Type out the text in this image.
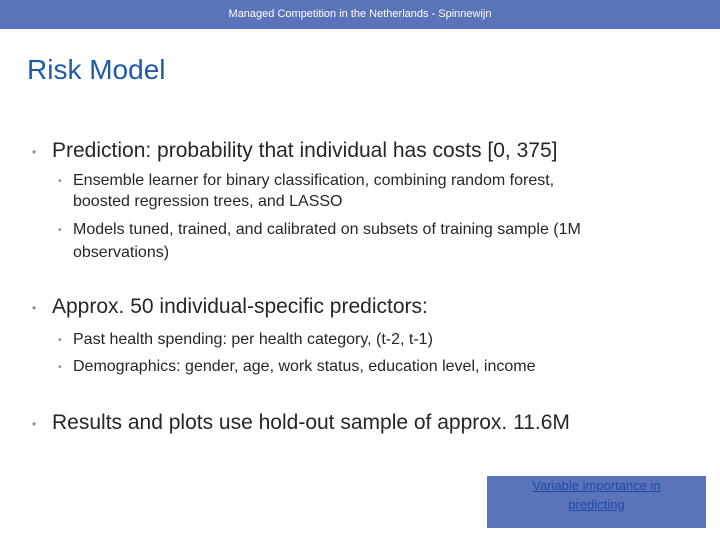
Managed Competition in the Netherlands - Spinnewijn
Risk Model
• Prediction: probability that individual has costs [0, 375]
• Ensemble learner for binary classification, combining random forest,
boosted regression trees, and LASSO
• Models tuned, trained, and calibrated on subsets of training sample (1M
observations)
• Approx. 50 individual-specific predictors:
• Past health spending: per health category, (t-2, t-1)
• Demographics: gender, age, work status, education level, income
• Results and plots use hold-out sample of approx. 11.6M
Variable importance in
predicting
